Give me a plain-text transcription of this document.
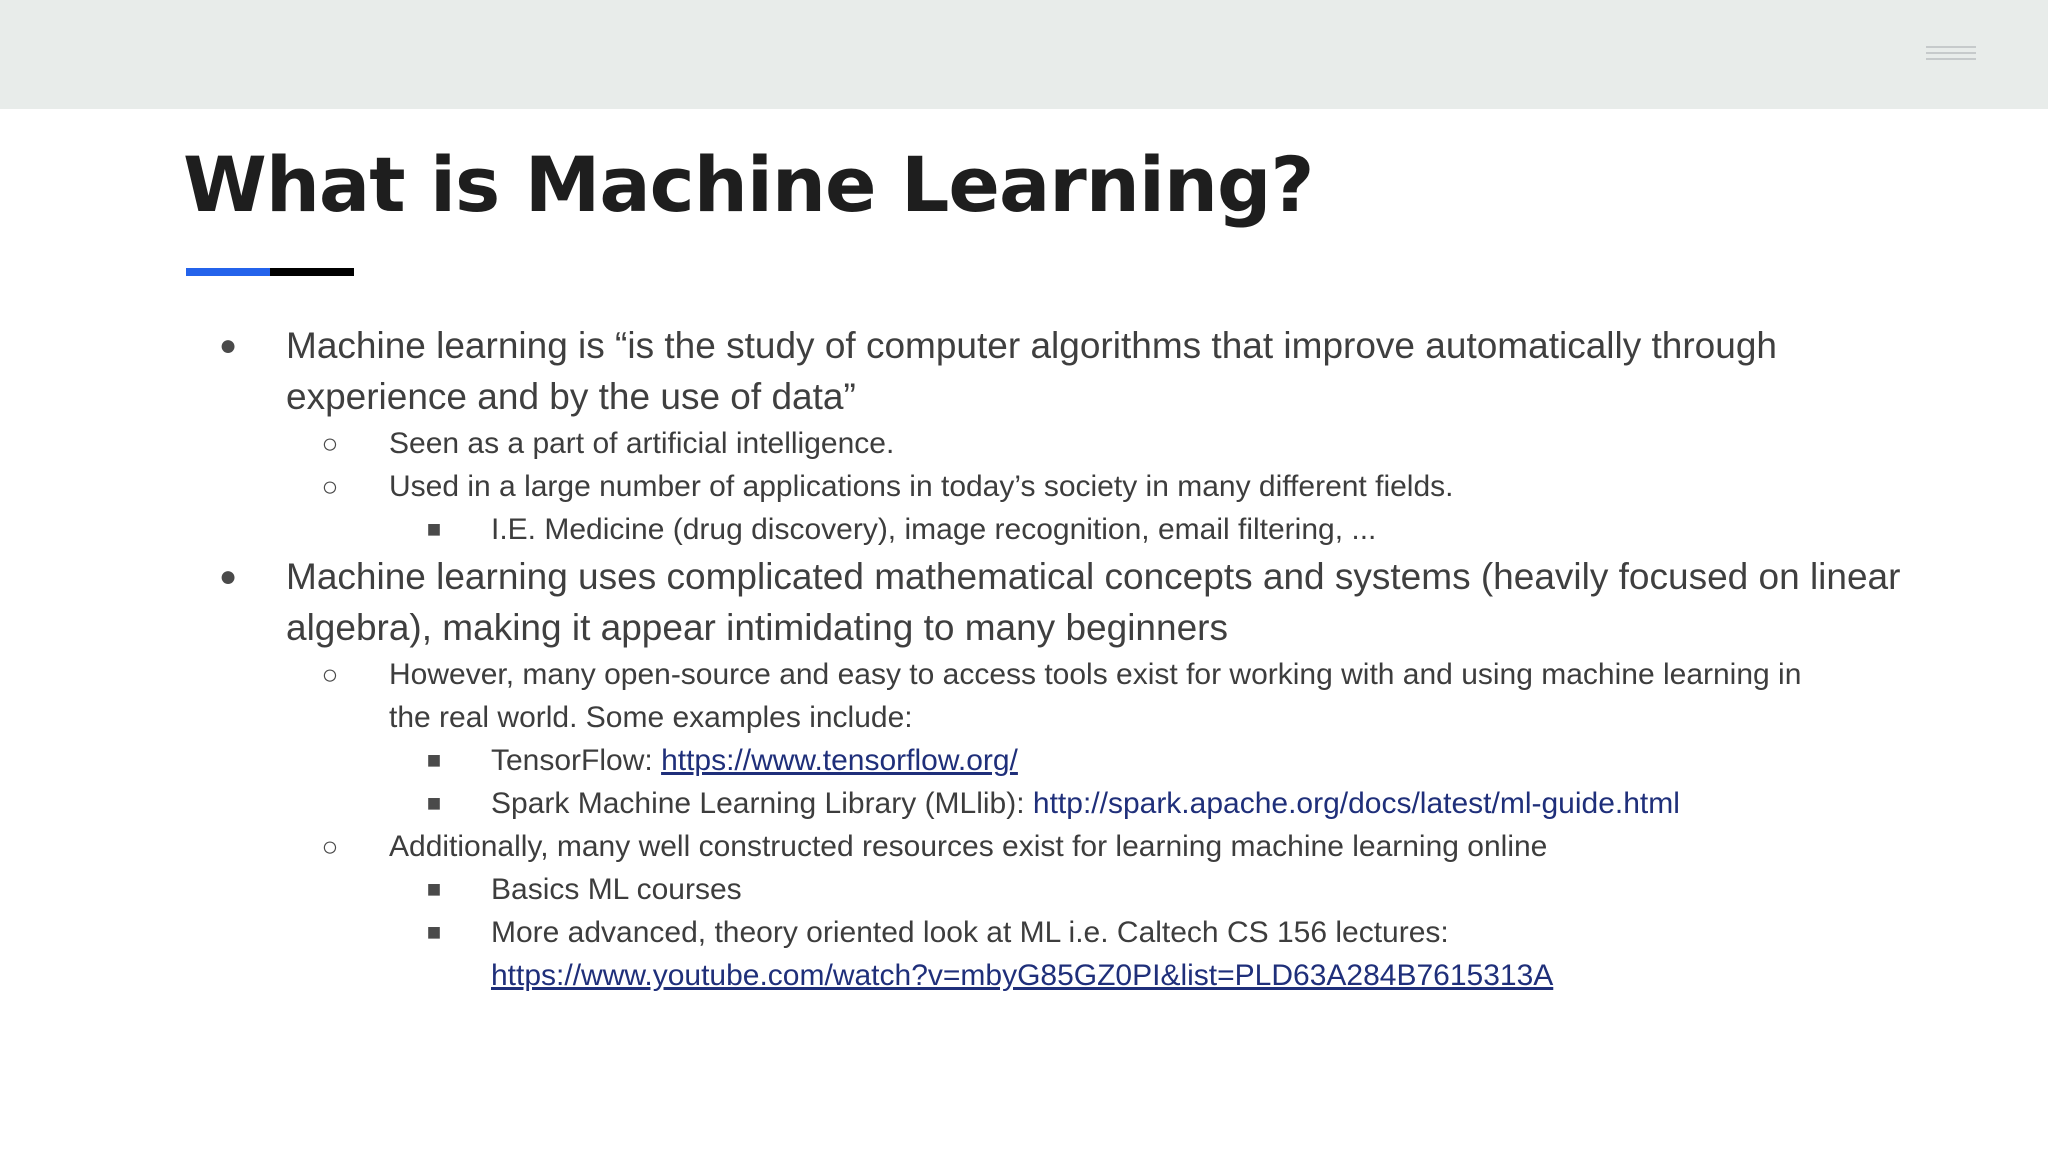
What is Machine Learning?
● Machine learning is “is the study of computer algorithms that improve automatically through
experience and by the use of data”
○ Seen as a part of artificial intelligence.
○ Used in a large number of applications in today’s society in many different fields.
■ I.E. Medicine (drug discovery), image recognition, email filtering, ...
● Machine learning uses complicated mathematical concepts and systems (heavily focused on linear
algebra), making it appear intimidating to many beginners
○ However, many open-source and easy to access tools exist for working with and using machine learning in
the real world. Some examples include:
■ TensorFlow: https://www.tensorflow.org/
■ Spark Machine Learning Library (MLlib): http://spark.apache.org/docs/latest/ml-guide.html
○ Additionally, many well constructed resources exist for learning machine learning online
■ Basics ML courses
■ More advanced, theory oriented look at ML i.e. Caltech CS 156 lectures:
https://www.youtube.com/watch?v=mbyG85GZ0PI&list=PLD63A284B7615313A
